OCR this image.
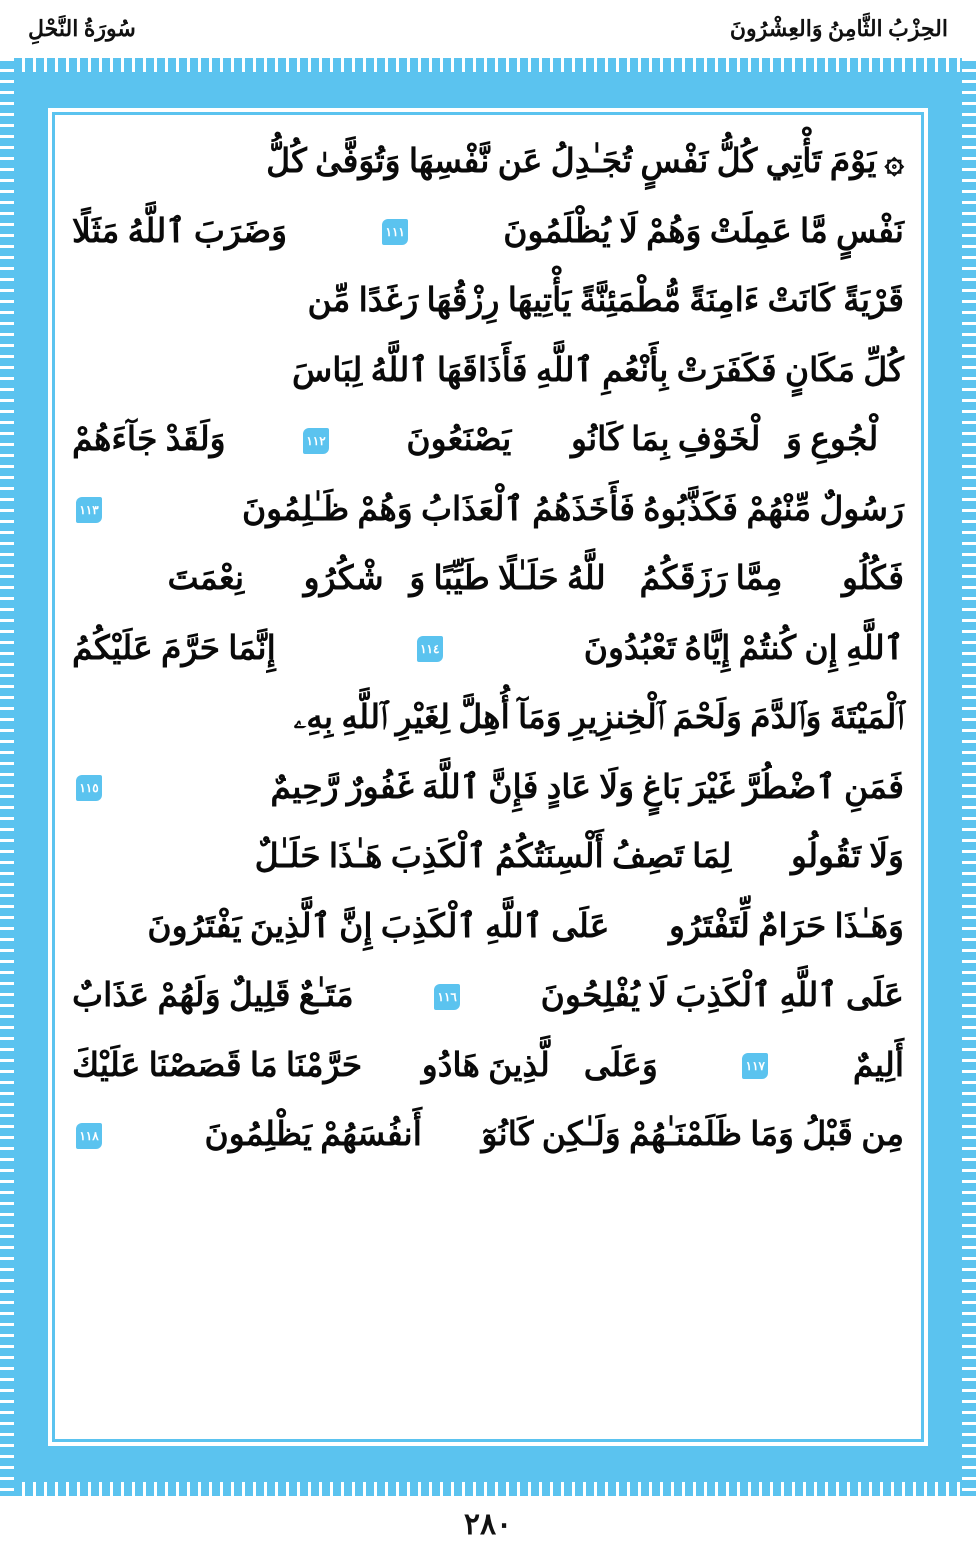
سُورَةُ النَّحْلِ	الحِزْبُ الثَّامِنُ وَالعِشْرُونَ
۞ يَوْمَ تَأْتِي كُلُّ نَفْسٍ تُجَـٰدِلُ عَن نَّفْسِهَا وَتُوَفَّىٰ كُلُّ
نَفْسٍ مَّا عَمِلَتْ وَهُمْ لَا يُظْلَمُونَ
١١١
وَضَرَبَ ٱللَّهُ مَثَلًا
قَرْيَةً كَانَتْ ءَامِنَةً مُّطْمَئِنَّةً يَأْتِيهَا رِزْقُهَا رَغَدًا مِّن
كُلِّ مَكَانٍ فَكَفَرَتْ بِأَنْعُمِ ٱللَّهِ فَأَذَاقَهَا ٱللَّهُ لِبَاسَ
ٱلْجُوعِ وَٱلْخَوْفِ بِمَا كَانُوا۟ يَصْنَعُونَ
١١٢
وَلَقَدْ جَآءَهُمْ
رَسُولٌ مِّنْهُمْ فَكَذَّبُوهُ فَأَخَذَهُمُ ٱلْعَذَابُ وَهُمْ ظَـٰلِمُونَ
١١٣
فَكُلُوا۟ مِمَّا رَزَقَكُمُ ٱللَّهُ حَلَـٰلًا طَيِّبًا وَٱشْكُرُوا۟ نِعْمَتَ
ٱللَّهِ إِن كُنتُمْ إِيَّاهُ تَعْبُدُونَ
١١٤
إِنَّمَا حَرَّمَ عَلَيْكُمُ
ٱلْمَيْتَةَ وَٱلدَّمَ وَلَحْمَ ٱلْخِنزِيرِ وَمَآ أُهِلَّ لِغَيْرِ ٱللَّهِ بِهِۦ
فَمَنِ ٱضْطُرَّ غَيْرَ بَاغٍ وَلَا عَادٍ فَإِنَّ ٱللَّهَ غَفُورٌ رَّحِيمٌ
١١٥
وَلَا تَقُولُوا۟ لِمَا تَصِفُ أَلْسِنَتُكُمُ ٱلْكَذِبَ هَـٰذَا حَلَـٰلٌ
وَهَـٰذَا حَرَامٌ لِّتَفْتَرُوا۟ عَلَى ٱللَّهِ ٱلْكَذِبَ إِنَّ ٱلَّذِينَ يَفْتَرُونَ
عَلَى ٱللَّهِ ٱلْكَذِبَ لَا يُفْلِحُونَ
١١٦
مَتَـٰعٌ قَلِيلٌ وَلَهُمْ عَذَابٌ
أَلِيمٌ
١١٧
وَعَلَى ٱلَّذِينَ هَادُوا۟ حَرَّمْنَا مَا قَصَصْنَا عَلَيْكَ
مِن قَبْلُ وَمَا ظَلَمْنَـٰهُمْ وَلَـٰكِن كَانُوٓا۟ أَنفُسَهُمْ يَظْلِمُونَ
١١٨
٢٨٠
